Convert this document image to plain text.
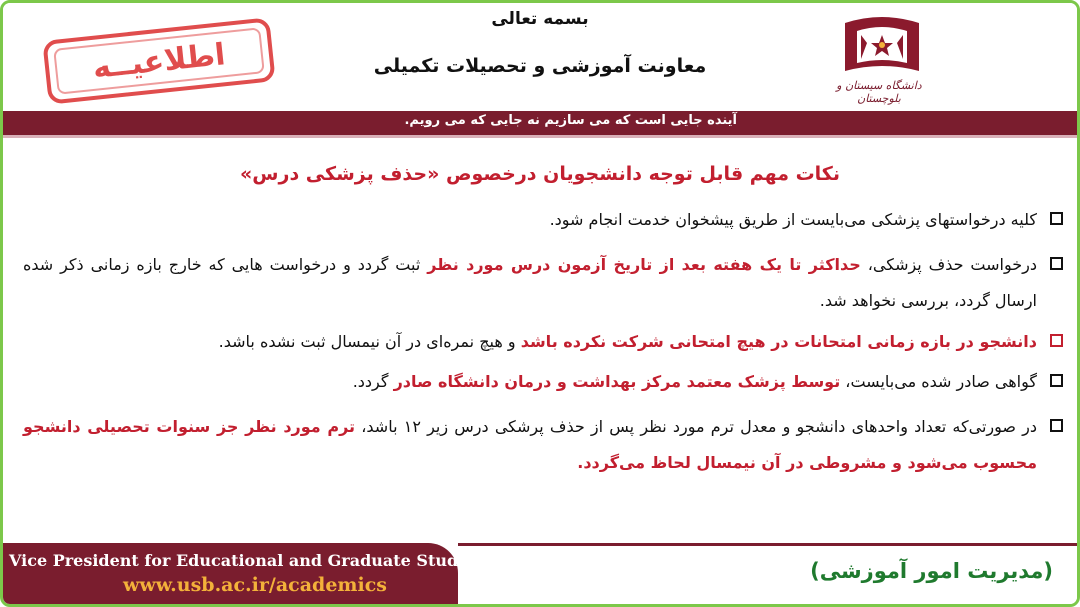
دانشگاه سیستان و بلوچستان
بسمه تعالی
معاونت آموزشی و تحصیلات تکمیلی
اطلاعیــه
آینده جایی است که می سازیم نه جایی که می رویم.
نکات مهم قابل توجه دانشجویان درخصوص «حذف پزشکی درس»
کلیه درخواستهای پزشکی می‌بایست از طریق پیشخوان خدمت انجام شود.
درخواست حذف پزشکی، حداکثر تا یک هفته بعد از تاریخ آزمون درس مورد نظر ثبت گردد و درخواست هایی که خارج بازه زمانی ذکر شده ارسال گردد، بررسی نخواهد شد.
دانشجو در بازه زمانی امتحانات در هیچ امتحانی شرکت نکرده باشد و هیچ نمره‌ای در آن نیمسال ثبت نشده باشد.
گواهی صادر شده می‌بایست، توسط پزشک معتمد مرکز بهداشت و درمان دانشگاه صادر گردد.
در صورتی‌که تعداد واحدهای دانشجو و معدل ترم مورد نظر پس از حذف پرشکی درس زیر ۱۲ باشد، ترم مورد نظر جز سنوات تحصیلی دانشجو محسوب می‌شود و مشروطی در آن نیمسال لحاظ می‌گردد.
Vice President for Educational and Graduate Studies
www.usb.ac.ir/academics
(مدیریت امور آموزشی)
